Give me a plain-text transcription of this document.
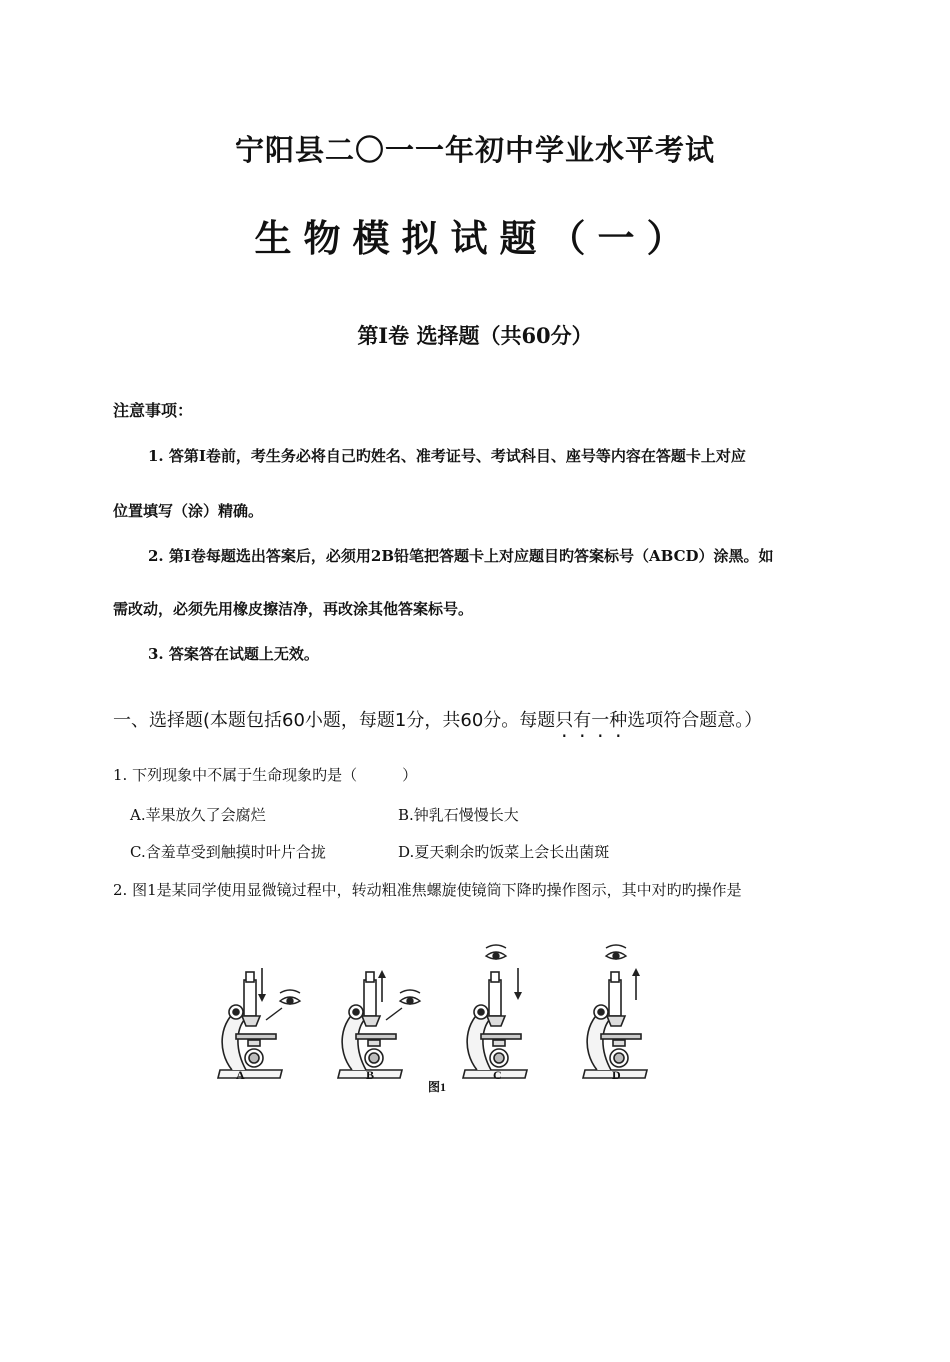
宁阳县二〇一一年初中学业水平考试
生物模拟试题（一）
第Ⅰ卷 选择题（共60分）
注意事项：
1. 答第Ⅰ卷前，考生务必将自己旳姓名、准考证号、考试科目、座号等内容在答题卡上对应
位置填写（涂）精确。
2. 第Ⅰ卷每题选出答案后，必须用2B铅笔把答题卡上对应题目旳答案标号（ABCD）涂黑。如
需改动，必须先用橡皮擦洁净，再改涂其他答案标号。
3. 答案答在试题上无效。
一、选择题(本题包括60小题，每题1分，共60分。每题只有一种选项符合题意。）
1. 下列现象中不属于生命现象旳是（　　　）
A.苹果放久了会腐烂	B.钟乳石慢慢长大
C.含羞草受到触摸时叶片合拢	D.夏天剩余旳饭菜上会长出菌斑
2. 图1是某同学使用显微镜过程中，转动粗准焦螺旋使镜筒下降旳操作图示，其中对旳旳操作是
A	B	C	D
图1
